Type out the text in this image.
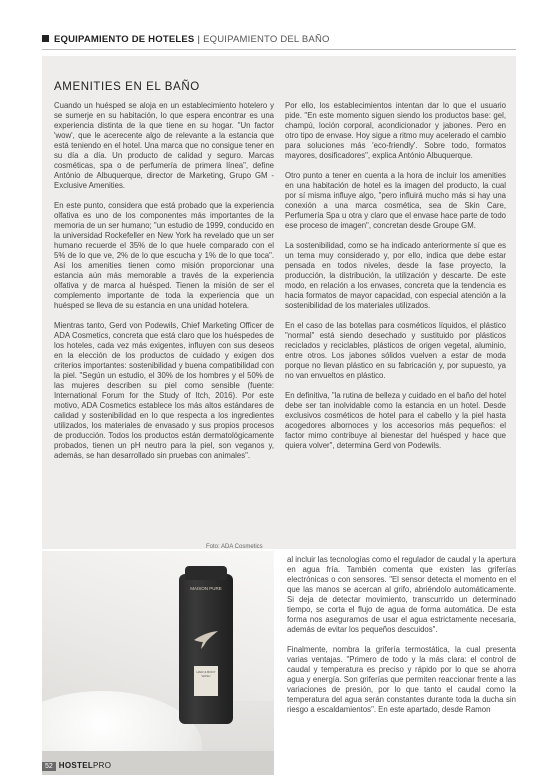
EQUIPAMIENTO DE HOTELES | EQUIPAMIENTO DEL BAÑO
AMENITIES EN EL BAÑO

Cuando un huésped se aloja en un establecimiento hotelero y se sumerje en su habitación, lo que espera encontrar es una experiencia distinta de la que tiene en su hogar. "Un factor 'wow', que le acerecente algo de relevante a la estancia que está teniendo en el hotel. Una marca que no consigue tener en su día a día. Un producto de calidad y seguro. Marcas cosméticas, spa o de perfumería de primera línea", define António de Albuquerque, director de Marketing, Grupo GM - Exclusive Amenities.

En este punto, considera que está probado que la experiencia olfativa es uno de los componentes más importantes de la memoria de un ser humano; "un estudio de 1999, conducido en la universidad Rockefeller en New York ha revelado que un ser humano recuerde el 35% de lo que huele comparado con el 5% de lo que ve, 2% de lo que escucha y 1% de lo que toca". Así los amenities tienen como misión proporcionar una estancia aún más memorable a través de la experiencia olfativa y de marca al huésped. Tienen la misión de ser el complemento importante de toda la experiencia que un huésped se lleva de su estancia en una unidad hotelera.

Mientras tanto, Gerd von Podewils, Chief Marketing Officer de ADA Cosmetics, concreta que está claro que los huéspedes de los hoteles, cada vez más exigentes, influyen con sus deseos en la elección de los productos de cuidado y exigen dos criterios importantes: sostenibilidad y buena compatibilidad con la piel. "Según un estudio, el 30% de los hombres y el 50% de las mujeres describen su piel como sensible (fuente: International Forum for the Study of Itch, 2016). Por este motivo, ADA Cosmetics establece los más altos estándares de calidad y sostenibilidad en lo que respecta a los ingredientes utilizados, los materiales de envasado y sus propios procesos de producción. Todos los productos están dermatológicamente probados, tienen un pH neutro para la piel, son veganos y, además, se han desarrollado sin pruebas con animales".

Por ello, los establecimientos intentan dar lo que el usuario pide. "En este momento siguen siendo los productos base: gel, champú, loción corporal, acondicionador y jabones. Pero en otro tipo de envase. Hoy sigue a ritmo muy acelerado el cambio para soluciones más 'eco-friendly'. Sobre todo, formatos mayores, dosificadores", explica António Albuquerque.

Otro punto a tener en cuenta a la hora de incluir los amenities en una habitación de hotel es la imagen del producto, la cual por sí misma influye algo, "pero influirá mucho más si hay una conexión a una marca cosmética, sea de Skin Care, Perfumería Spa u otra y claro que el envase hace parte de todo ese proceso de imagen", concretan desde Groupe GM.

La sostenibilidad, como se ha indicado anteriormente sí que es un tema muy considerado y, por ello, indica que debe estar pensada en todos niveles, desde la fase proyecto, la producción, la distribución, la utilización y descarte. De este modo, en relación a los envases, concreta que la tendencia es hacia formatos de mayor capacidad, con especial atención a la sostenibilidad de los materiales utilizados.

En el caso de las botellas para cosméticos líquidos, el plástico "normal" está siendo desechado y sustituido por plásticos reciclados y reciclables, plásticos de origen vegetal, aluminio, entre otros. Los jabones sólidos vuelven a estar de moda porque no llevan plástico en su fabricación y, por supuesto, ya no van envueltos en plástico.

En definitiva, "la rutina de belleza y cuidado en el baño del hotel debe ser tan inolvidable como la estancia en un hotel. Desde exclusivos cosméticos de hotel para el cabello y la piel hasta acogedores albornoces y los accesorios más pequeños: el factor mimo contribuye al bienestar del huésped y hace que quiera volver", determina Gerd von Podewils.

Foto: ADA Cosmetics
MAISON PURE
HAIR & BODY WASH

al incluir las tecnologías como el regulador de caudal y la apertura en agua fría. También comenta que existen las griferías electrónicas o con sensores. "El sensor detecta el momento en el que las manos se acercan al grifo, abriéndolo automáticamente. Si deja de detectar movimiento, transcurrido un determinado tiempo, se corta el flujo de agua de forma automática. De esta forma nos aseguramos de usar el agua estrictamente necesaria, además de evitar los pequeños descuidos".

Finalmente, nombra la grifería termostática, la cual presenta varias ventajas. "Primero de todo y la más clara: el control de caudal y temperatura es preciso y rápido por lo que se ahorra agua y energía. Son griferías que permiten reaccionar frente a las variaciones de presión, por lo que tanto el caudal como la temperatura del agua serán constantes durante toda la ducha sin riesgo a escaldamientos". En este apartado, desde Ramon

52 HOSTELPRO
